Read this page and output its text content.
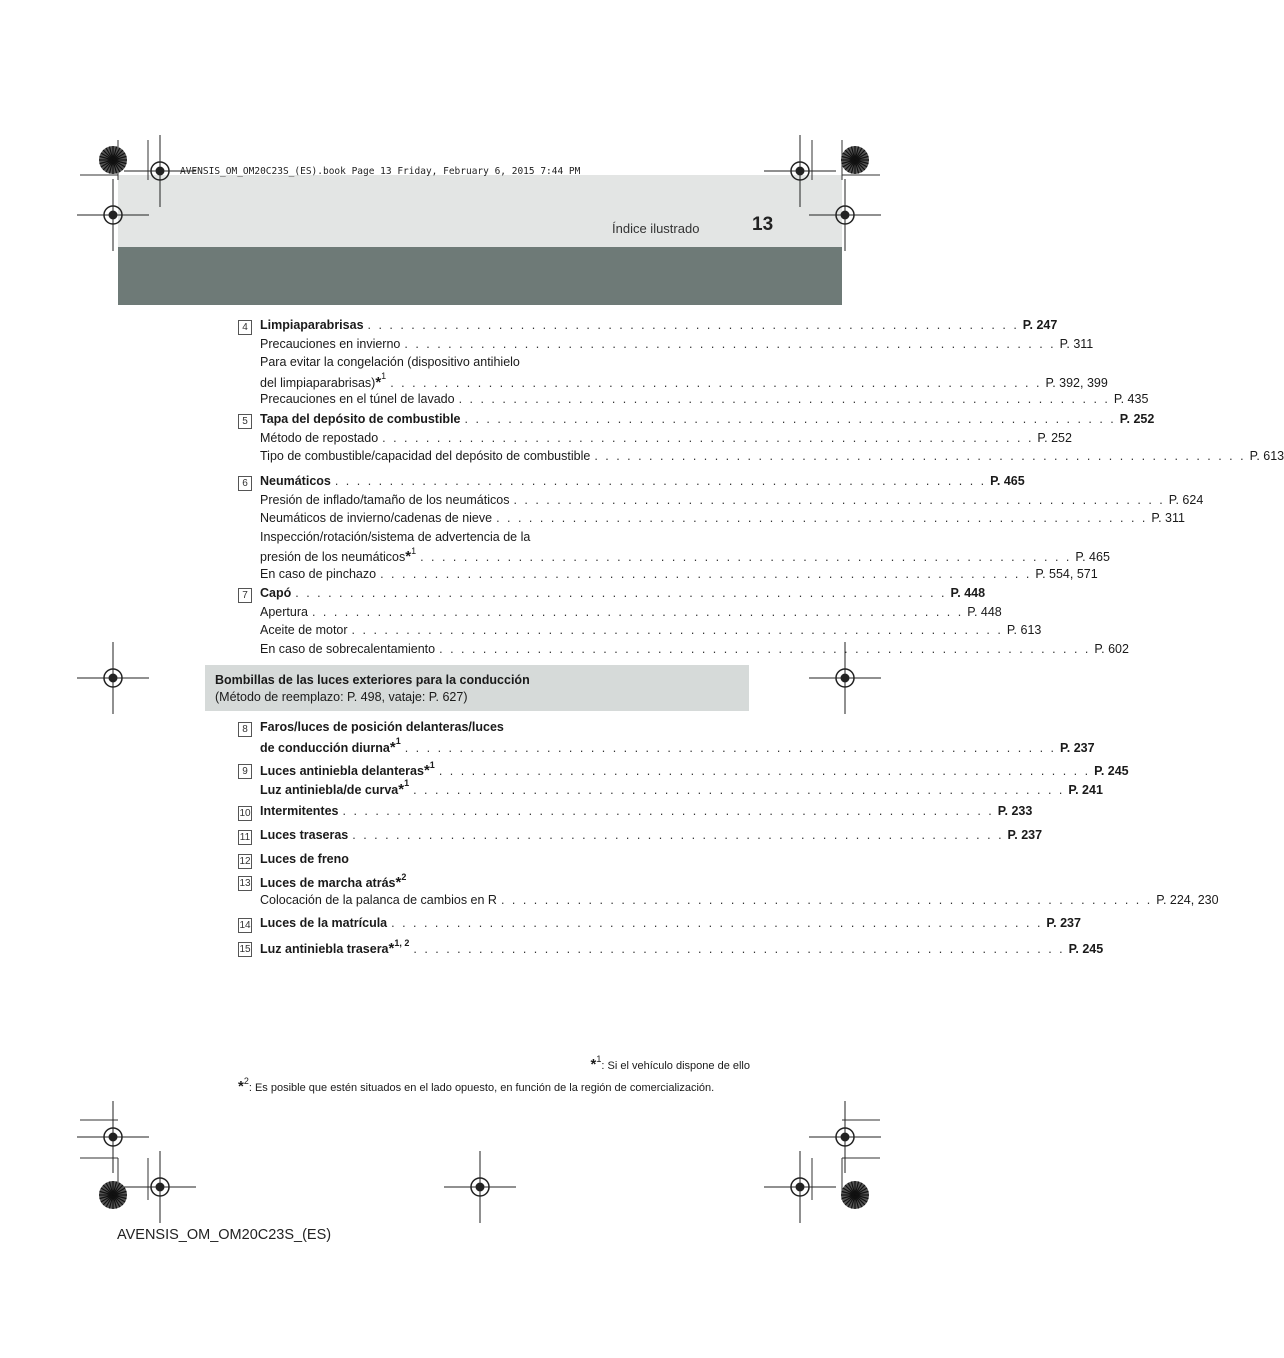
AVENSIS_OM_OM20C23S_(ES).book Page 13 Friday, February 6, 2015 7:44 PM
Índice ilustrado	13
4 Limpiaparabrisas . . . . . . . . . . . . . . . . . . . . . . . . . . . . . . . . . . . . . . . . . . . . . . . . . . . . . . . . . . . . P. 247
Precauciones en invierno . . . . . . . . . . . . . . . . . . . . . . . . . . . . . . . . . . . . . . . . . . . . . . . . . . . . . . . . . . . . P. 311
Para evitar la congelación (dispositivo antihielo
del limpiaparabrisas)*$^1$ . . . . . . . . . . . . . . . . . . . . . . . . . . . . . . . . . . . . . . . . . . . . . . . . . . . . . . . . . . . . P. 392, 399
Precauciones en el túnel de lavado . . . . . . . . . . . . . . . . . . . . . . . . . . . . . . . . . . . . . . . . . . . . . . . . . . . . . . . . . . . . P. 435
5 Tapa del depósito de combustible . . . . . . . . . . . . . . . . . . . . . . . . . . . . . . . . . . . . . . . . . . . . . . . . . . . . . . . . . . . . P. 252
Método de repostado . . . . . . . . . . . . . . . . . . . . . . . . . . . . . . . . . . . . . . . . . . . . . . . . . . . . . . . . . . . . P. 252
Tipo de combustible/capacidad del depósito de combustible . . . . . . . . . . . . . . . . . . . . . . . . . . . . . . . . . . . . . . . . . . . . . . . . . . . . . . . . . . . . P. 613
6 Neumáticos . . . . . . . . . . . . . . . . . . . . . . . . . . . . . . . . . . . . . . . . . . . . . . . . . . . . . . . . . . . . P. 465
Presión de inflado/tamaño de los neumáticos . . . . . . . . . . . . . . . . . . . . . . . . . . . . . . . . . . . . . . . . . . . . . . . . . . . . . . . . . . . . P. 624
Neumáticos de invierno/cadenas de nieve . . . . . . . . . . . . . . . . . . . . . . . . . . . . . . . . . . . . . . . . . . . . . . . . . . . . . . . . . . . . P. 311
Inspección/rotación/sistema de advertencia de la
presión de los neumáticos*$^1$ . . . . . . . . . . . . . . . . . . . . . . . . . . . . . . . . . . . . . . . . . . . . . . . . . . . . . . . . . . . . P. 465
En caso de pinchazo . . . . . . . . . . . . . . . . . . . . . . . . . . . . . . . . . . . . . . . . . . . . . . . . . . . . . . . . . . . . P. 554, 571
7 Capó . . . . . . . . . . . . . . . . . . . . . . . . . . . . . . . . . . . . . . . . . . . . . . . . . . . . . . . . . . . . P. 448
Apertura . . . . . . . . . . . . . . . . . . . . . . . . . . . . . . . . . . . . . . . . . . . . . . . . . . . . . . . . . . . . P. 448
Aceite de motor . . . . . . . . . . . . . . . . . . . . . . . . . . . . . . . . . . . . . . . . . . . . . . . . . . . . . . . . . . . . P. 613
En caso de sobrecalentamiento . . . . . . . . . . . . . . . . . . . . . . . . . . . . . . . . . . . . . . . . . . . . . . . . . . . . . . . . . . . . P. 602
Bombillas de las luces exteriores para la conducción
(Método de reemplazo: P. 498, vataje: P. 627)
8 Faros/luces de posición delanteras/luces
de conducción diurna*$^1$ . . . . . . . . . . . . . . . . . . . . . . . . . . . . . . . . . . . . . . . . . . . . . . . . . . . . . . . . . . . . P. 237
9 Luces antiniebla delanteras*$^1$ . . . . . . . . . . . . . . . . . . . . . . . . . . . . . . . . . . . . . . . . . . . . . . . . . . . . . . . . . . . . P. 245
Luz antiniebla/de curva*$^1$ . . . . . . . . . . . . . . . . . . . . . . . . . . . . . . . . . . . . . . . . . . . . . . . . . . . . . . . . . . . . P. 241
10 Intermitentes . . . . . . . . . . . . . . . . . . . . . . . . . . . . . . . . . . . . . . . . . . . . . . . . . . . . . . . . . . . . P. 233
11 Luces traseras . . . . . . . . . . . . . . . . . . . . . . . . . . . . . . . . . . . . . . . . . . . . . . . . . . . . . . . . . . . . P. 237
12 Luces de freno
13 Luces de marcha atrás*$^2$
Colocación de la palanca de cambios en R . . . . . . . . . . . . . . . . . . . . . . . . . . . . . . . . . . . . . . . . . . . . . . . . . . . . . . . . . . . . P. 224, 230
14 Luces de la matrícula . . . . . . . . . . . . . . . . . . . . . . . . . . . . . . . . . . . . . . . . . . . . . . . . . . . . . . . . . . . . P. 237
15 Luz antiniebla trasera*$^{1, 2}$ . . . . . . . . . . . . . . . . . . . . . . . . . . . . . . . . . . . . . . . . . . . . . . . . . . . . . . . . . . . . P. 245
*$^1$: Si el vehículo dispone de ello
*$^2$: Es posible que estén situados en el lado opuesto, en función de la región de comercialización.
AVENSIS_OM_OM20C23S_(ES)
